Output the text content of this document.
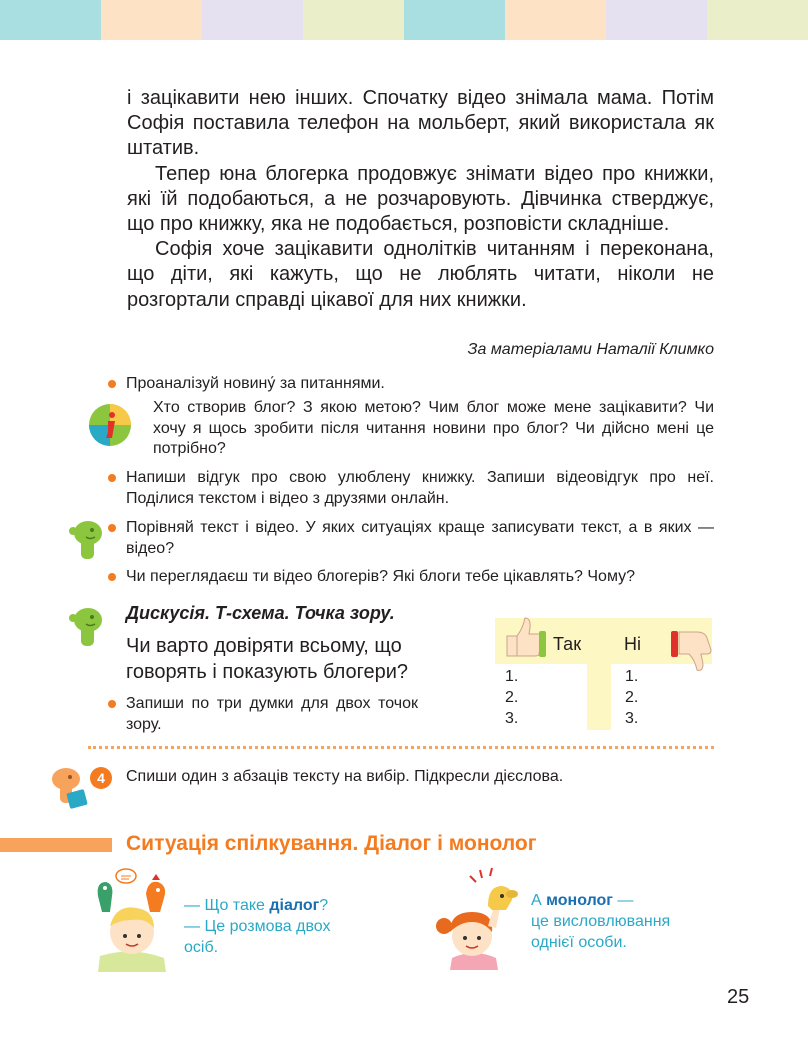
і зацікавити нею інших. Спочатку відео знімала мама. Потім Софія поставила телефон на мольберт, який використала як штатив.

Тепер юна блогерка продовжує знімати відео про книжки, які їй подобаються, а не розчаровують. Дівчинка стверджує, що про книжку, яка не подобається, розповісти складніше.

Софія хоче зацікавити однолітків читанням і переконана, що діти, які кажуть, що не люблять читати, ніколи не розгортали справді цікавої для них книжки.

За матеріалами Наталії Климко
Проаналізуй новину́ за питаннями.
Хто створив блог? З якою метою? Чим блог може мене зацікавити? Чи хочу я щось зробити після читання новини про блог? Чи дійсно мені це потрібно?
Напиши відгук про свою улюблену книжку. Запиши відеовідгук про неї. Поділися текстом і відео з друзями онлайн.
Порівняй текст і відео. У яких ситуаціях краще записувати текст, а в яких — відео?
Чи переглядаєш ти відео блогерів? Які блоги тебе цікавлять? Чому?
Дискусія. Т-схема. Точка зору.
Чи варто довіряти всьому, що говорять і показують блогери?
Запиши по три думки для двох точок зору.
Так Ні
1.
2.
3.
1.
2.
3.
4	Спиши один з абзаців тексту на вибір. Підкресли дієслова.
Ситуація спілкування. Діалог і монолог
— Що таке діалог?
— Це розмова двох
осіб.
А монолог —
це висловлювання
однієї особи.
25
